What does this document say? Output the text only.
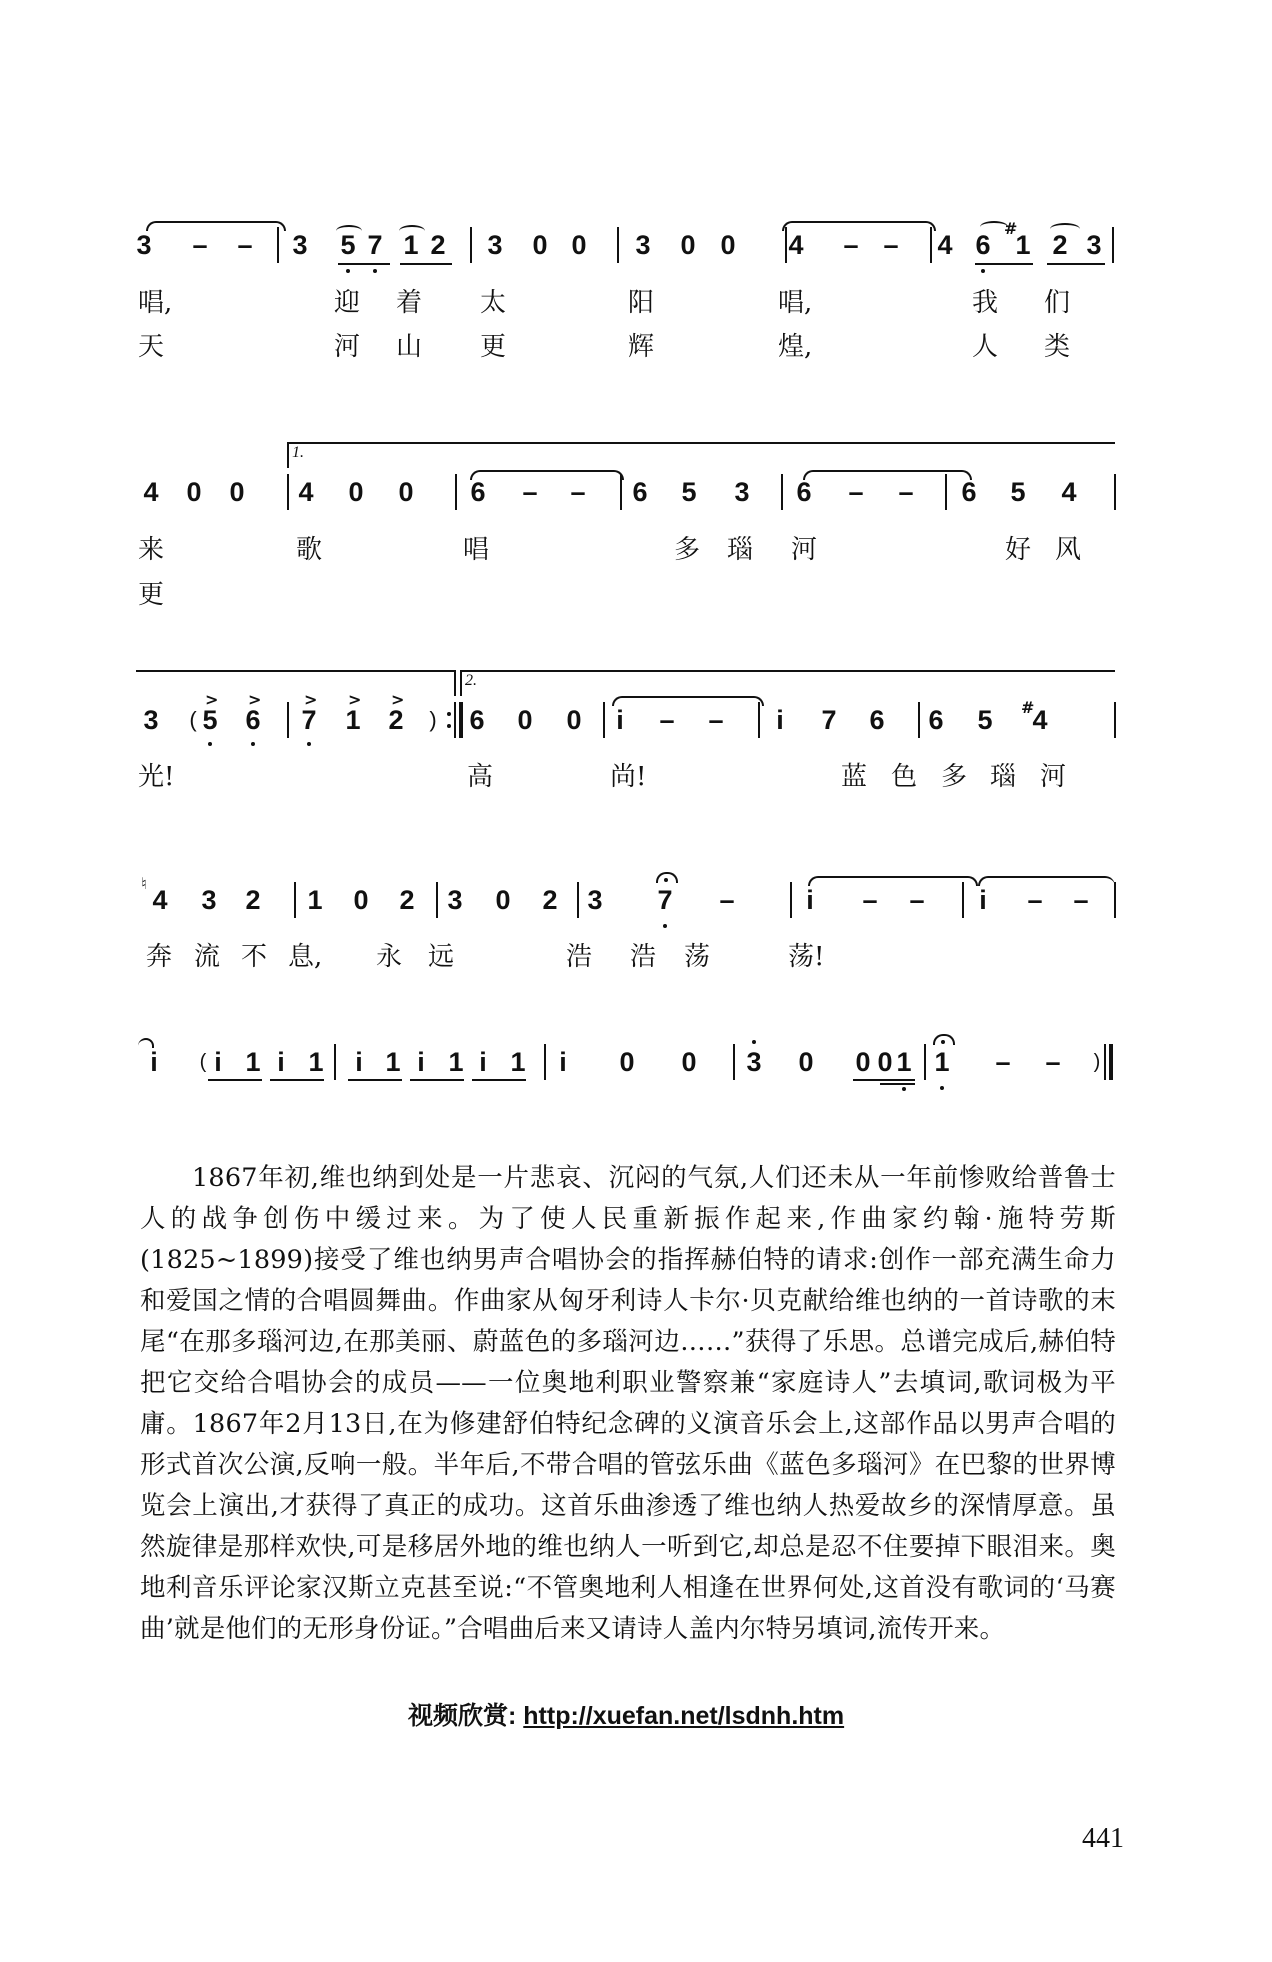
3 – – 3 5 7 1 2 3 0 0 3 0 0 4 – – 4 6
#
1 2 3
唱,	迎 着 太	阳	唱,	我 们
天	河 山 更	辉	煌,	人 类
1.
4 0 0 4 0 0 6 – – 6 5 3 6 – – 6 5 4
来	歌	唱	多 瑙 河	好 风
更
2.
3	( 5 6 7 1 2	)
> >	> > >
6 0 0	i	– –	i	7 6 6 5	#
4
光!	高	尚!	蓝 色 多 瑙 河
♮
4 3 2 1 0 2 3 0 2 3 7 –	i	– –	i	– –
奔 流 不 息, 永 远	浩 浩 荡	荡!
i	( i 1 i 1	i 1 i 1 i 1	i	0 0 3 0 0 0 1 1 – –	)

1867年初,维也纳到处是一片悲哀、沉闷的气氛,人们还未从一年前惨败给普鲁士人的战争创伤中缓过来。为了使人民重新振作起来,作曲家约翰·施特劳斯(1825~1899)接受了维也纳男声合唱协会的指挥赫伯特的请求:创作一部充满生命力和爱国之情的合唱圆舞曲。作曲家从匈牙利诗人卡尔·贝克献给维也纳的一首诗歌的末尾“在那多瑙河边,在那美丽、蔚蓝色的多瑙河边……”获得了乐思。总谱完成后,赫伯特把它交给合唱协会的成员——一位奥地利职业警察兼“家庭诗人”去填词,歌词极为平庸。1867年2月13日,在为修建舒伯特纪念碑的义演音乐会上,这部作品以男声合唱的形式首次公演,反响一般。半年后,不带合唱的管弦乐曲《蓝色多瑙河》在巴黎的世界博览会上演出,才获得了真正的成功。这首乐曲渗透了维也纳人热爱故乡的深情厚意。虽然旋律是那样欢快,可是移居外地的维也纳人一听到它,却总是忍不住要掉下眼泪来。奥地利音乐评论家汉斯立克甚至说:“不管奥地利人相逢在世界何处,这首没有歌词的‘马赛曲’就是他们的无形身份证。”合唱曲后来又请诗人盖内尔特另填词,流传开来。

视频欣赏: http://xuefan.net/lsdnh.htm
441
